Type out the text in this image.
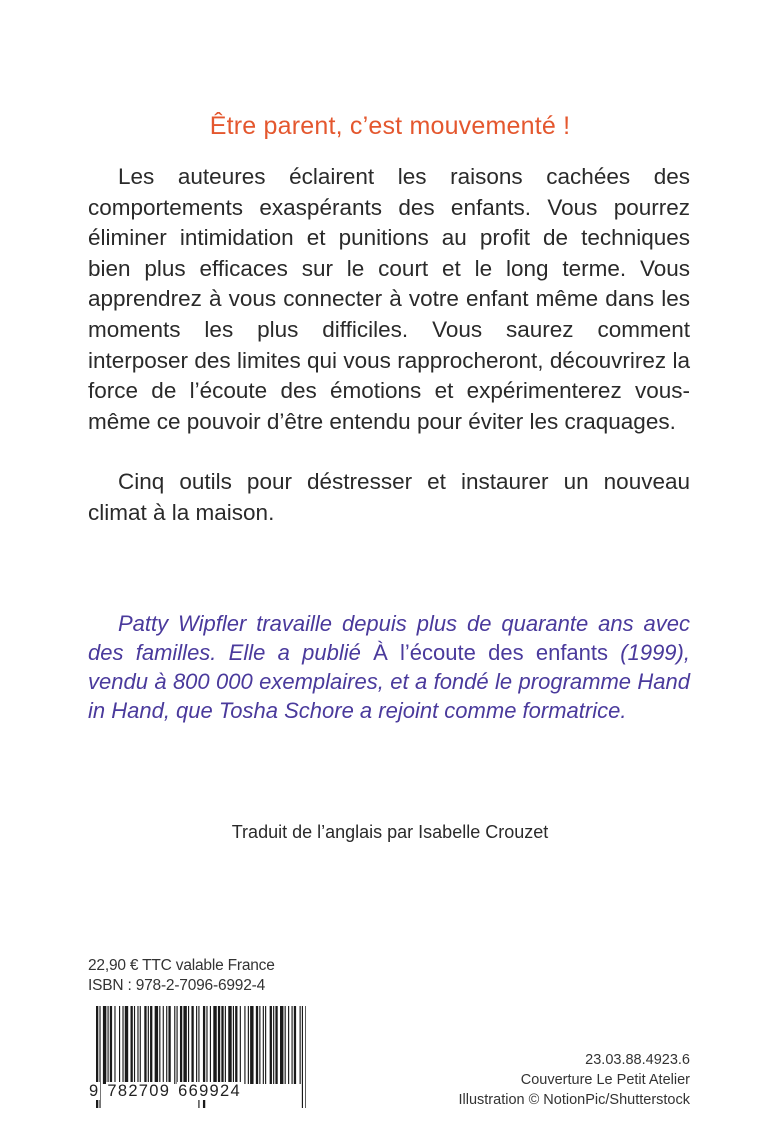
Être parent, c’est mouvementé !

Les auteures éclairent les raisons cachées des comportements exaspérants des enfants. Vous pourrez éliminer intimidation et punitions au profit de techniques bien plus efficaces sur le court et le long terme. Vous apprendrez à vous connecter à votre enfant même dans les moments les plus difficiles. Vous saurez comment interposer des limites qui vous rapprocheront, découvrirez la force de l’écoute des émotions et expérimenterez vous-même ce pouvoir d’être entendu pour éviter les craquages.

Cinq outils pour déstresser et instaurer un nouveau climat à la maison.

Patty Wipfler travaille depuis plus de quarante ans avec des familles. Elle a publié À l’écoute des enfants (1999), vendu à 800 000 exemplaires, et a fondé le programme Hand in Hand, que Tosha Schore a rejoint comme formatrice.
Traduit de l’anglais par Isabelle Crouzet
22,90 € TTC valable France
ISBN : 978-2-7096-6992-4
9 782709 669924
23.03.88.4923.6
Couverture Le Petit Atelier
Illustration © NotionPic/Shutterstock
